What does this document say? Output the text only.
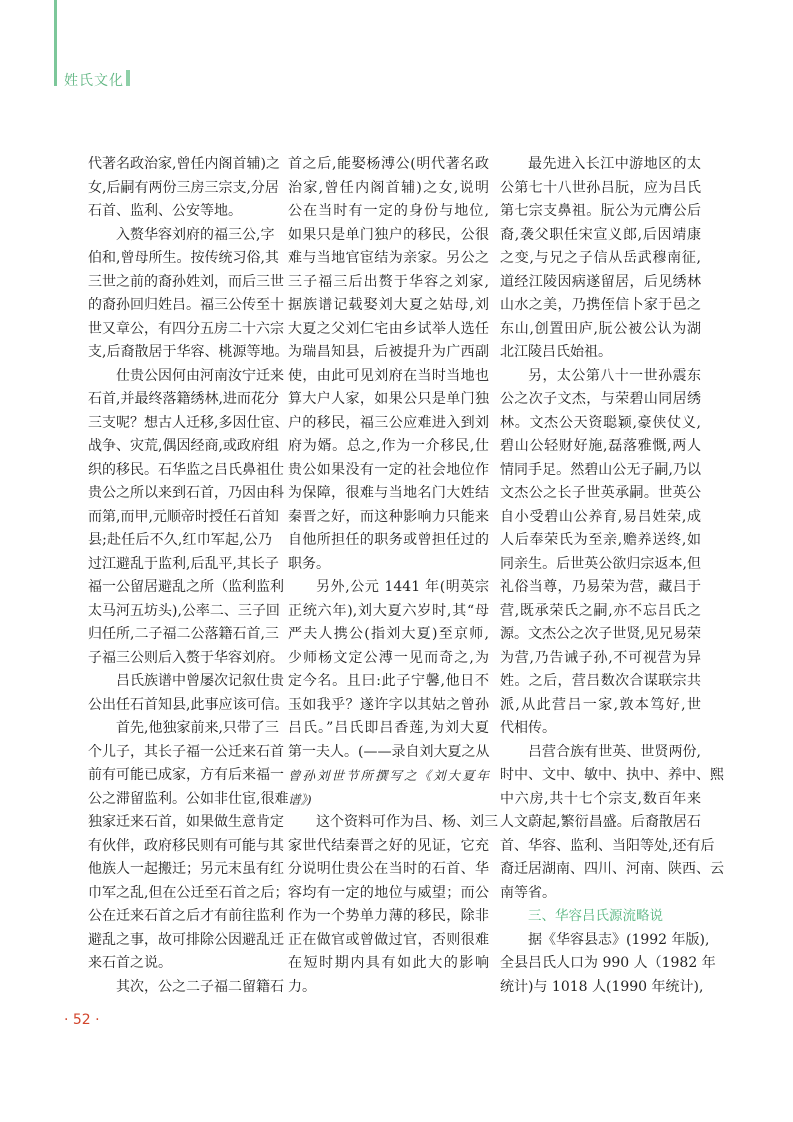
姓氏文化
代著名政治家,曾任内阁首辅)之
女,后嗣有两份三房三宗支,分居
石首、监利、公安等地。
入赘华容刘府的福三公,字
伯和,曾母所生。按传统习俗,其
三世之前的裔孙姓刘，而后三世
的裔孙回归姓吕。福三公传至十
世又章公，有四分五房二十六宗
支,后裔散居于华容、桃源等地。
仕贵公因何由河南汝宁迁来
石首,并最终落籍绣林,进而花分
三支呢？想古人迁移,多因仕宦、
战争、灾荒,偶因经商,或政府组
织的移民。石华监之吕氏鼻祖仕
贵公之所以来到石首，乃因由科
而第,而甲,元顺帝时授任石首知
县;赴任后不久,红巾军起,公乃
过江避乱于监利,后乱平,其长子
福一公留居避乱之所（监利监利
太马河五坊头),公率二、三子回
归任所,二子福二公落籍石首,三
子福三公则后入赘于华容刘府。
吕氏族谱中曾屡次记叙仕贵
公出任石首知县,此事应该可信。
首先,他独家前来,只带了三
个儿子，其长子福一公迁来石首
前有可能已成家，方有后来福一
公之滞留监利。公如非仕宦,很难
独家迁来石首，如果做生意肯定
有伙伴，政府移民则有可能与其
他族人一起搬迁；另元末虽有红
巾军之乱,但在公迁至石首之后；
公在迁来石首之后才有前往监利
避乱之事，故可排除公因避乱迁
来石首之说。
其次，公之二子福二留籍石
首之后,能娶杨溥公(明代著名政
治家,曾任内阁首辅)之女,说明
公在当时有一定的身份与地位,
如果只是单门独户的移民，公很
难与当地官宦结为亲家。另公之
三子福三后出赘于华容之刘家,
据族谱记载娶刘大夏之姑母,刘
大夏之父刘仁宅由乡试举人选任
为瑞昌知县，后被提升为广西副
使，由此可见刘府在当时当地也
算大户人家，如果公只是单门独
户的移民，福三公应难进入到刘
府为婿。总之,作为一介移民,仕
贵公如果没有一定的社会地位作
为保障，很难与当地名门大姓结
秦晋之好，而这种影响力只能来
自他所担任的职务或曾担任过的
职务。
另外,公元 1441 年(明英宗
正统六年),刘大夏六岁时,其“母
严夫人携公(指刘大夏)至京师,
少师杨文定公溥一见而奇之,为
定今名。且曰:此子宁馨,他日不
玉如我乎？遂许字以其姑之曾孙
吕氏。”吕氏即吕香莲,为刘大夏
第一夫人。(——录自刘大夏之从
曾孙刘世节所撰写之《刘大夏年
谱》)
这个资料可作为吕、杨、刘三
家世代结秦晋之好的见证，它充
分说明仕贵公在当时的石首、华
容均有一定的地位与威望；而公
作为一个势单力薄的移民，除非
正在做官或曾做过官，否则很难
在短时期内具有如此大的影响
力。
最先进入长江中游地区的太
公第七十八世孙吕朊，应为吕氏
第七宗支鼻祖。朊公为元膺公后
裔,袭父职任宋宣义郎,后因靖康
之变,与兄之子信从岳武穆南征,
道经江陵因病遂留居，后见绣林
山水之美，乃携侄信卜家于邑之
东山,创置田庐,朊公被公认为湖
北江陵吕氏始祖。
另，太公第八十一世孙震东
公之次子文杰，与荣碧山同居绣
林。文杰公天资聪颖,豪侠仗义,
碧山公轻财好施,磊落雅慨,两人
情同手足。然碧山公无子嗣,乃以
文杰公之长子世英承嗣。世英公
自小受碧山公养育,易吕姓荣,成
人后奉荣氏为至亲,赡养送终,如
同亲生。后世英公欲归宗返本,但
礼俗当尊，乃易荣为营，藏吕于
营,既承荣氏之嗣,亦不忘吕氏之
源。文杰公之次子世贤,见兄易荣
为营,乃告诫子孙,不可视营为异
姓。之后，营吕数次合谋联宗共
派,从此营吕一家,敦本笃好,世
代相传。
吕营合族有世英、世贤两份,
时中、文中、敏中、执中、养中、熙
中六房,共十七个宗支,数百年来
人文蔚起,繁衍昌盛。后裔散居石
首、华容、监利、当阳等处,还有后
裔迁居湖南、四川、河南、陕西、云
南等省。
三、华容吕氏源流略说
据《华容县志》(1992 年版),
全县吕氏人口为 990 人（1982 年
统计)与 1018 人(1990 年统计),
· 52 ·
